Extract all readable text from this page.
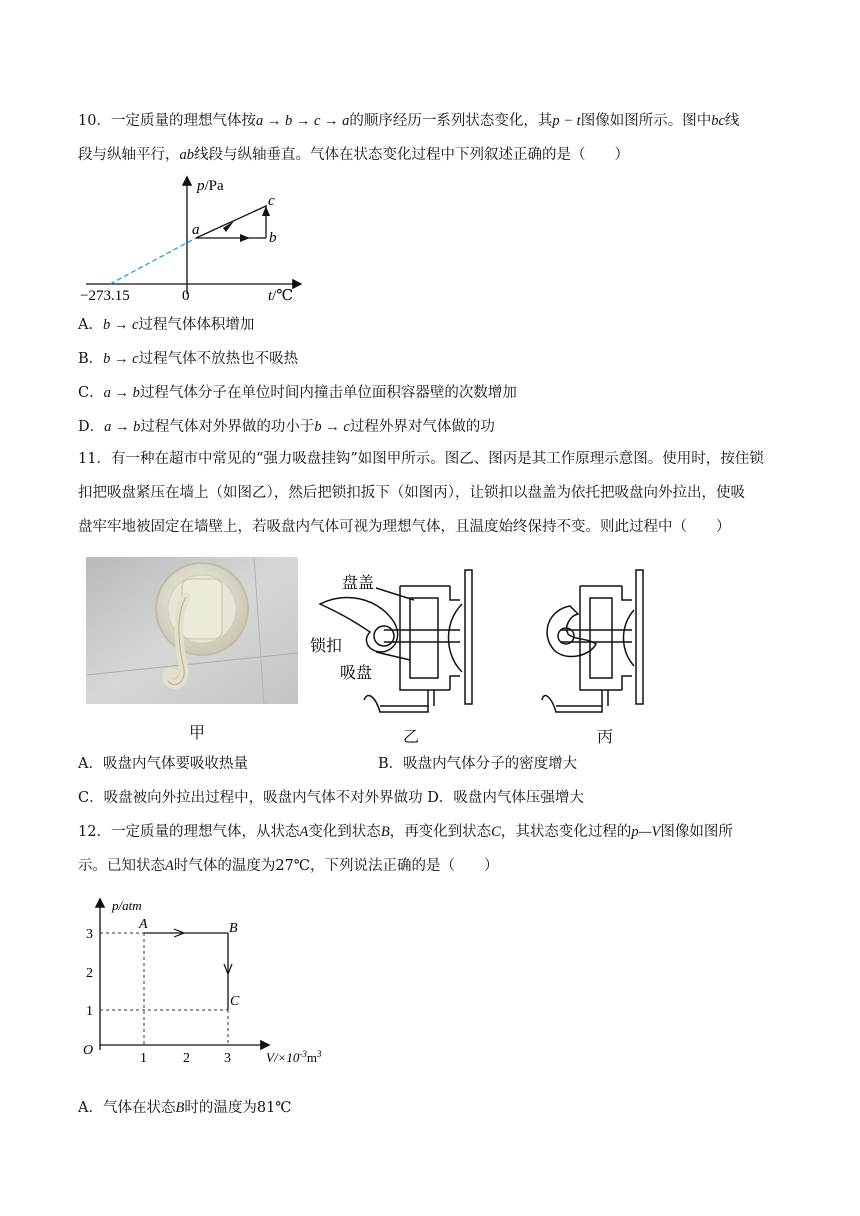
10．一定质量的理想气体按a → b → c → a的顺序经历一系列状态变化，其p − t图像如图所示。图中bc线
段与纵轴平行，ab线段与纵轴垂直。气体在状态变化过程中下列叙述正确的是（　　）
p/Pa
t/℃
−273.15	0
a	b
c
A．b → c过程气体体积增加
B．b → c过程气体不放热也不吸热
C．a → b过程气体分子在单位时间内撞击单位面积容器壁的次数增加
D．a → b过程气体对外界做的功小于b → c过程外界对气体做的功
11．有一种在超市中常见的“强力吸盘挂钩”如图甲所示。图乙、图丙是其工作原理示意图。使用时，按住锁
扣把吸盘紧压在墙上（如图乙），然后把锁扣扳下（如图丙），让锁扣以盘盖为依托把吸盘向外拉出，使吸
盘牢牢地被固定在墙壁上，若吸盘内气体可视为理想气体，且温度始终保持不变。则此过程中（　　）
甲
盘盖
锁扣
吸盘
乙	丙
A．吸盘内气体要吸收热量	B．吸盘内气体分子的密度增大
C．吸盘被向外拉出过程中，吸盘内气体不对外界做功 D．吸盘内气体压强增大
12．一定质量的理想气体，从状态A变化到状态B，再变化到状态C，其状态变化过程的p—V图像如图所
示。已知状态A时气体的温度为27℃，下列说法正确的是（　　）
p/atm
$V/\times 10^{-3}m^3$
O
3
2
1
1	2 3
A	B
C
A．气体在状态B时的温度为81℃
